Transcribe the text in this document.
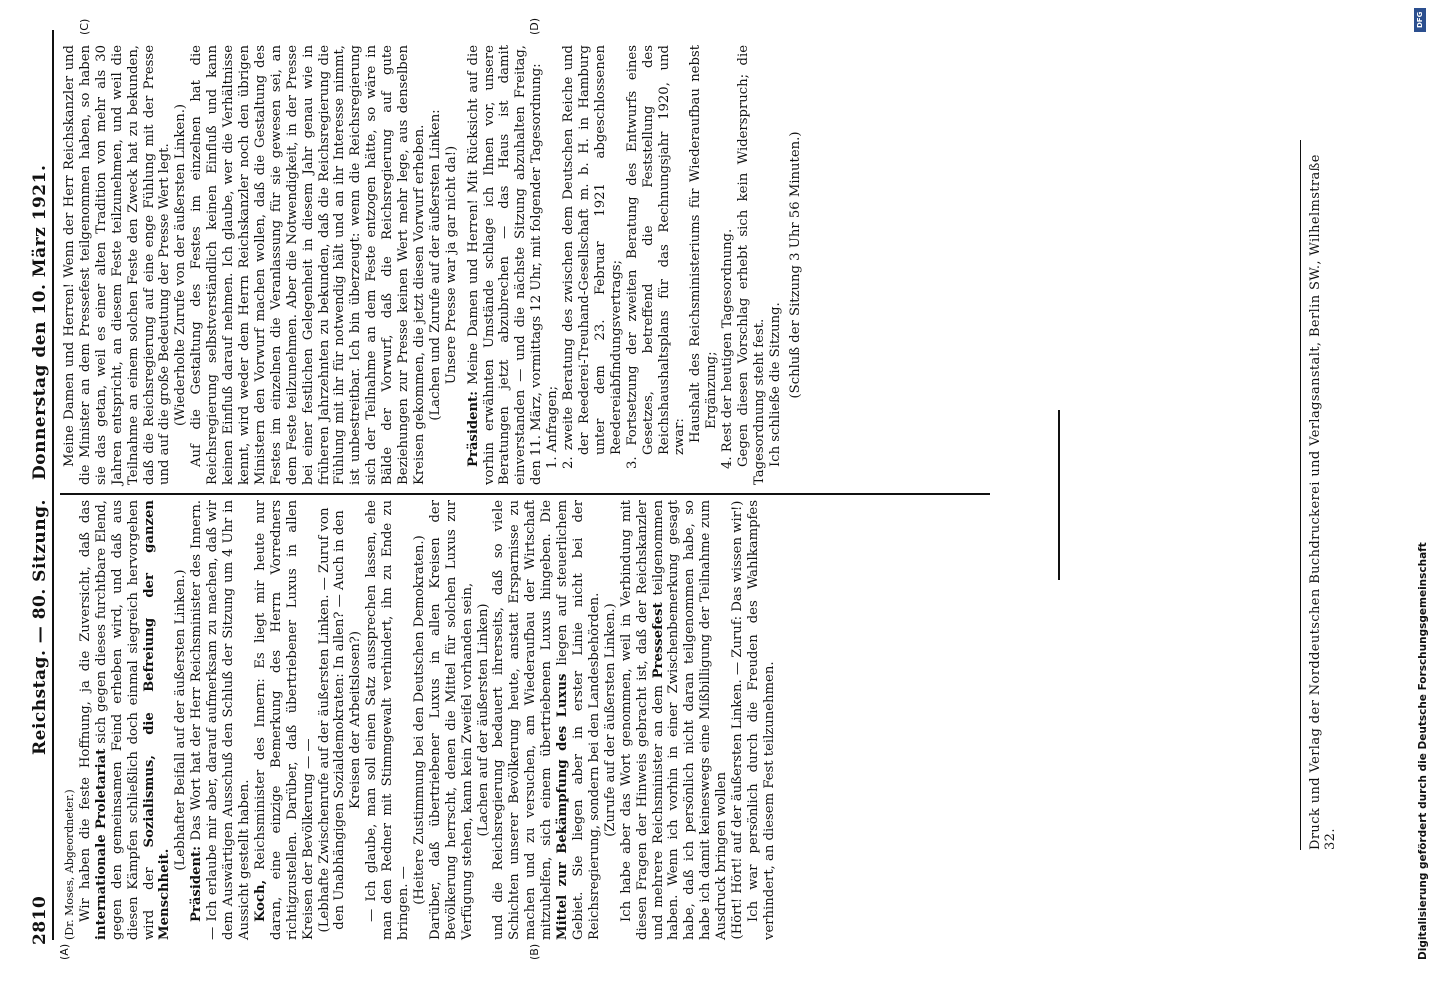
2810
Reichstag. — 80. Sitzung.
Donnerstag den 10. März 1921.
(A)	(B)
(C)	(D)

(Dr. Moses, Abgeordneter.) Wir haben die feste Hoffnung, ja die Zuversicht, daß das internationale Proletariat sich gegen dieses furchtbare Elend, gegen den gemeinsamen Feind erheben wird, und daß aus diesen Kämpfen schließlich doch einmal siegreich hervorgehen wird der Sozialismus, die Befreiung der ganzen Menschheit.

(Lebhafter Beifall auf der äußersten Linken.)

Präsident: Das Wort hat der Herr Reichsminister des Innern. — Ich erlaube mir aber, darauf aufmerksam zu machen, daß wir dem Auswärtigen Ausschuß den Schluß der Sitzung um 4 Uhr in Aussicht gestellt haben. Koch, Reichsminister des Innern: Es liegt mir heute nur daran, eine einzige Bemerkung des Herrn Vorredners richtigzustellen. Darüber, daß übertriebener Luxus in allen Kreisen der Bevölkerung — — (Lebhafte Zwischenrufe auf der äußersten Linken. — Zuruf von den Unabhängigen Sozialdemokraten: In allen? — Auch in den Kreisen der Arbeitslosen?) — Ich glaube, man soll einen Satz aussprechen lassen, ehe man den Redner mit Stimmgewalt verhindert, ihn zu Ende zu bringen. — (Heitere Zustimmung bei den Deutschen Demokraten.) Darüber, daß übertriebener Luxus in allen Kreisen der Bevölkerung herrscht, denen die Mittel für solchen Luxus zur Verfügung stehen, kann kein Zweifel vorhanden sein, (Lachen auf der äußersten Linken) und die Reichsregierung bedauert ihrerseits, daß so viele Schichten unserer Bevölkerung heute, anstatt Ersparnisse zu machen und zu versuchen, am Wiederaufbau der Wirtschaft mitzuhelfen, sich einem übertriebenen Luxus hingeben. Die Mittel zur Bekämpfung des Luxus liegen auf steuerlichem Gebiet. Sie liegen aber in erster Linie nicht bei der Reichsregierung, sondern bei den Landesbehörden. (Zurufe auf der äußersten Linken.) Ich habe aber das Wort genommen, weil in Verbindung mit diesen Fragen der Hinweis gebracht ist, daß der Reichskanzler und mehrere Reichsminister an dem Pressefest teilgenommen haben. Wenn ich vorhin in einer Zwischenbemerkung gesagt habe, daß ich persönlich nicht daran teilgenommen habe, so habe ich damit keineswegs eine Mißbilligung der Teilnahme zum Ausdruck bringen wollen (Hört! Hört! auf der äußersten Linken. — Zuruf: Das wissen wir!) Ich war persönlich durch die Freuden des Wahlkampfes verhindert, an diesem Fest teilzunehmen.

Meine Damen und Herren! Wenn der Herr Reichskanzler und die Minister an dem Pressefest teilgenommen haben, so haben sie das getan, weil es einer alten Tradition von mehr als 30 Jahren entspricht, an diesem Feste teilzunehmen, und weil die Teilnahme an einem solchen Feste den Zweck hat zu bekunden, daß die Reichsregierung auf eine enge Fühlung mit der Presse und auf die große Bedeutung der Presse Wert legt. (Wiederholte Zurufe von der äußersten Linken.) Auf die Gestaltung des Festes im einzelnen hat die Reichsregierung selbstverständlich keinen Einfluß und kann keinen Einfluß darauf nehmen. Ich glaube, wer die Verhältnisse kennt, wird weder dem Herrn Reichskanzler noch den übrigen Ministern den Vorwurf machen wollen, daß die Gestaltung des Festes im einzelnen die Veranlassung für sie gewesen sei, an dem Feste teilzunehmen. Aber die Notwendigkeit, in der Presse bei einer festlichen Gelegenheit in diesem Jahr genau wie in früheren Jahrzehnten zu bekunden, daß die Reichsregierung die Fühlung mit ihr für notwendig hält und an ihr Interesse nimmt, ist unbestreitbar. Ich bin überzeugt: wenn die Reichsregierung sich der Teilnahme an dem Feste entzogen hätte, so wäre in Bälde der Vorwurf, daß die Reichsregierung auf gute Beziehungen zur Presse keinen Wert mehr lege, aus denselben Kreisen gekommen, die jetzt diesen Vorwurf erheben. (Lachen und Zurufe auf der äußersten Linken: Unsere Presse war ja gar nicht da!)

Präsident: Meine Damen und Herren! Mit Rücksicht auf die vorhin erwähnten Umstände schlage ich Ihnen vor, unsere Beratungen jetzt abzubrechen — das Haus ist damit einverstanden — und die nächste Sitzung abzuhalten Freitag, den 11. März, vormittags 12 Uhr, mit folgender Tagesordnung: 1. Anfragen; 2. zweite Beratung des zwischen dem Deutschen Reiche und der Reederei-Treuhand-Gesellschaft m. b. H. in Hamburg unter dem 23. Februar 1921 abgeschlossenen Reedereiabfindungsvertrags; 3. Fortsetzung der zweiten Beratung des Entwurfs eines Gesetzes, betreffend die Feststellung des Reichshaushaltsplans für das Rechnungsjahr 1920, und zwar: Haushalt des Reichsministeriums für Wiederaufbau nebst Ergänzung; 4. Rest der heutigen Tagesordnung. Gegen diesen Vorschlag erhebt sich kein Widerspruch; die Tagesordnung steht fest. Ich schließe die Sitzung. (Schluß der Sitzung 3 Uhr 56 Minuten.)	Druck und Verlag der Norddeutschen Buchdruckerei und Verlagsanstalt, Berlin SW., Wilhelmstraße 32.
DFG
Digitalisierung gefördert durch die Deutsche Forschungsgemeinschaft
